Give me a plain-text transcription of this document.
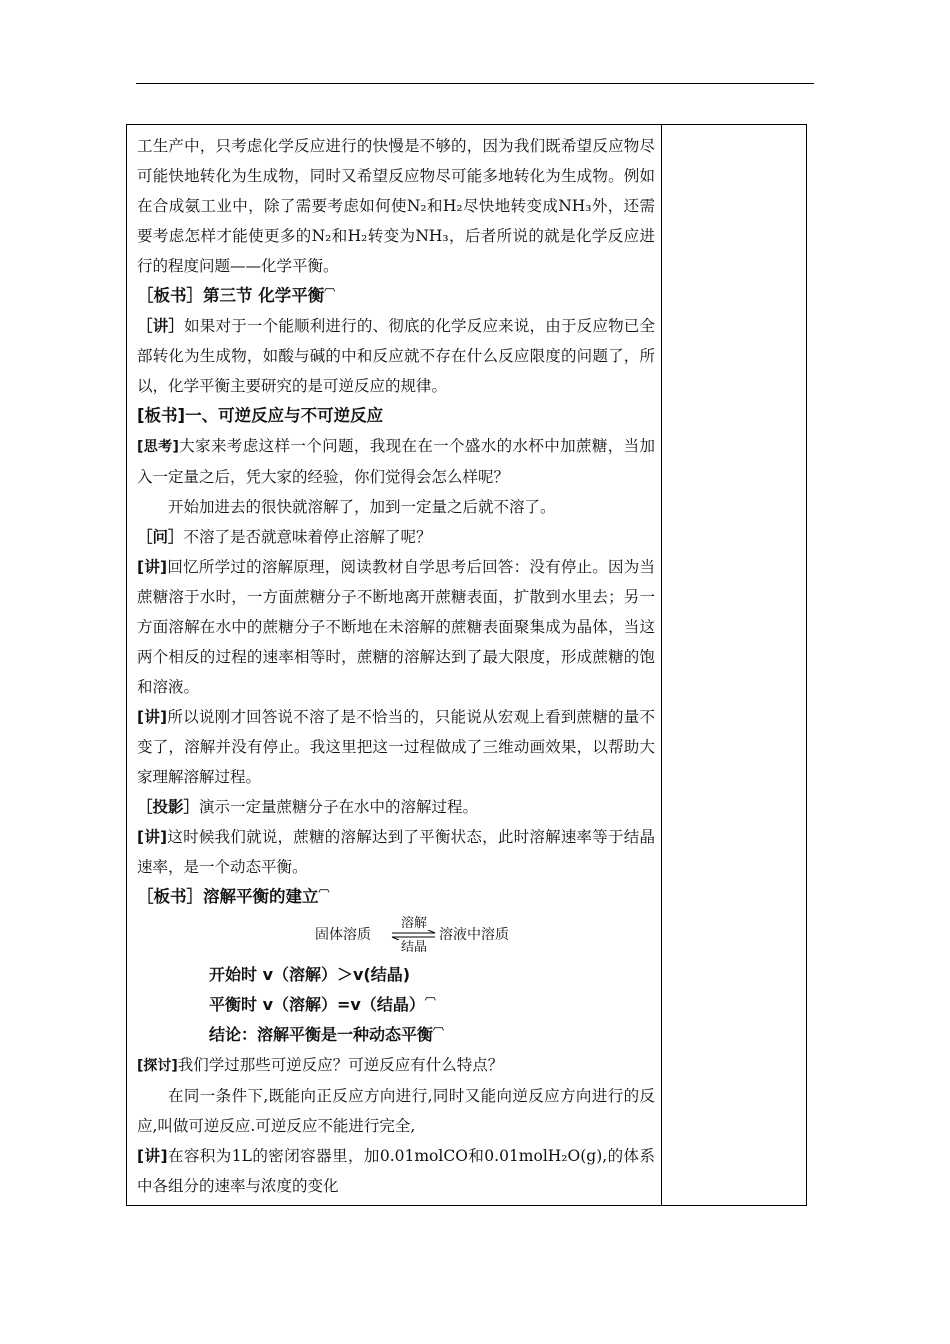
工生产中，只考虑化学反应进行的快慢是不够的，因为我们既希望反应物尽可能快地转化为生成物，同时又希望反应物尽可能多地转化为生成物。例如在合成氨工业中，除了需要考虑如何使N₂和H₂尽快地转变成NH₃外，还需要考虑怎样才能使更多的N₂和H₂转变为NH₃，后者所说的就是化学反应进行的程度问题——化学平衡。

［板书］第三节 化学平衡︹

［讲］如果对于一个能顺利进行的、彻底的化学反应来说，由于反应物已全部转化为生成物，如酸与碱的中和反应就不存在什么反应限度的问题了，所以，化学平衡主要研究的是可逆反应的规律。

[板书]一、可逆反应与不可逆反应

[思考]大家来考虑这样一个问题，我现在在一个盛水的水杯中加蔗糖，当加入一定量之后，凭大家的经验，你们觉得会怎么样呢？

开始加进去的很快就溶解了，加到一定量之后就不溶了。

［问］不溶了是否就意味着停止溶解了呢？

[讲]回忆所学过的溶解原理，阅读教材自学思考后回答：没有停止。因为当蔗糖溶于水时，一方面蔗糖分子不断地离开蔗糖表面，扩散到水里去；另一方面溶解在水中的蔗糖分子不断地在未溶解的蔗糖表面聚集成为晶体，当这两个相反的过程的速率相等时，蔗糖的溶解达到了最大限度，形成蔗糖的饱和溶液。

[讲]所以说刚才回答说不溶了是不恰当的，只能说从宏观上看到蔗糖的量不变了，溶解并没有停止。我这里把这一过程做成了三维动画效果，以帮助大家理解溶解过程。

［投影］演示一定量蔗糖分子在水中的溶解过程。

[讲]这时候我们就说，蔗糖的溶解达到了平衡状态，此时溶解速率等于结晶速率，是一个动态平衡。

［板书］溶解平衡的建立︹

固体溶质
溶解
结晶
溶液中溶质

开始时 v（溶解）＞v(结晶)

平衡时 v（溶解）=v（结晶）︹

结论：溶解平衡是一种动态平衡︹

[探讨]我们学过那些可逆反应？可逆反应有什么特点？

在同一条件下,既能向正反应方向进行,同时又能向逆反应方向进行的反应,叫做可逆反应.可逆反应不能进行完全,

[讲]在容积为1L的密闭容器里，加0.01molCO和0.01molH₂O(g),的体系中各组分的速率与浓度的变化
